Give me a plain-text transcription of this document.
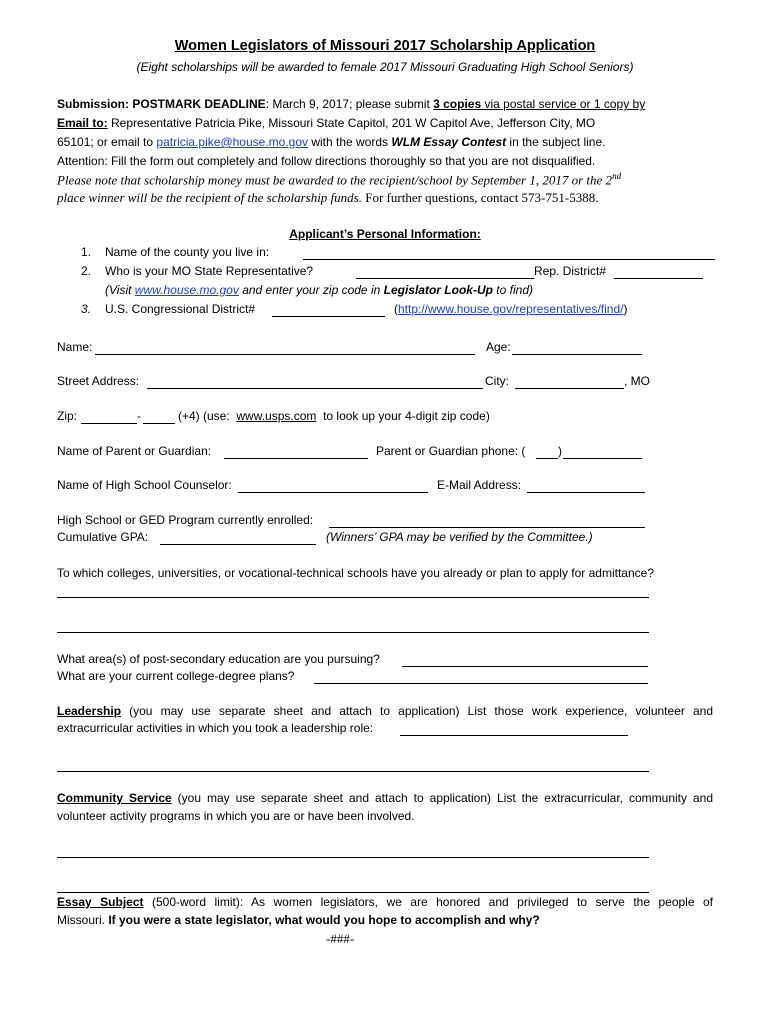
Women Legislators of Missouri 2017 Scholarship Application
(Eight scholarships will be awarded to female 2017 Missouri Graduating High School Seniors)
Submission: POSTMARK DEADLINE: March 9, 2017; please submit 3 copies via postal service or 1 copy by
Email to: Representative Patricia Pike, Missouri State Capitol, 201 W Capitol Ave, Jefferson City, MO
65101; or email to patricia.pike@house.mo.gov with the words WLM Essay Contest in the subject line.
Attention: Fill the form out completely and follow directions thoroughly so that you are not disqualified.
Please note that scholarship money must be awarded to the recipient/school by September 1, 2017 or the 2nd
place winner will be the recipient of the scholarship funds. For further questions, contact 573-751-5388.
Applicant’s Personal Information:
1. Name of the county you live in:
2. Who is your MO State Representative?	Rep. District#
(Visit www.house.mo.gov and enter your zip code in Legislator Look-Up to find)
3. U.S. Congressional District#	(http://www.house.gov/representatives/find/)
Name:	Age:
Street Address:	City:	, MO
Zip:	-	(+4) (use: www.usps.com to look up your 4-digit zip code)
Name of Parent or Guardian:	Parent or Guardian phone: (	)
Name of High School Counselor:	E-Mail Address:
High School or GED Program currently enrolled:
Cumulative GPA:	(Winners’ GPA may be verified by the Committee.)
To which colleges, universities, or vocational-technical schools have you already or plan to apply for admittance?
What area(s) of post-secondary education are you pursuing?
What are your current college-degree plans?
Leadership (you may use separate sheet and attach to application) List those work experience, volunteer and
extracurricular activities in which you took a leadership role:
Community Service (you may use separate sheet and attach to application) List the extracurricular, community and
volunteer activity programs in which you are or have been involved.
Essay Subject (500-word limit): As women legislators, we are honored and privileged to serve the people of
Missouri. If you were a state legislator, what would you hope to accomplish and why?
-###-
